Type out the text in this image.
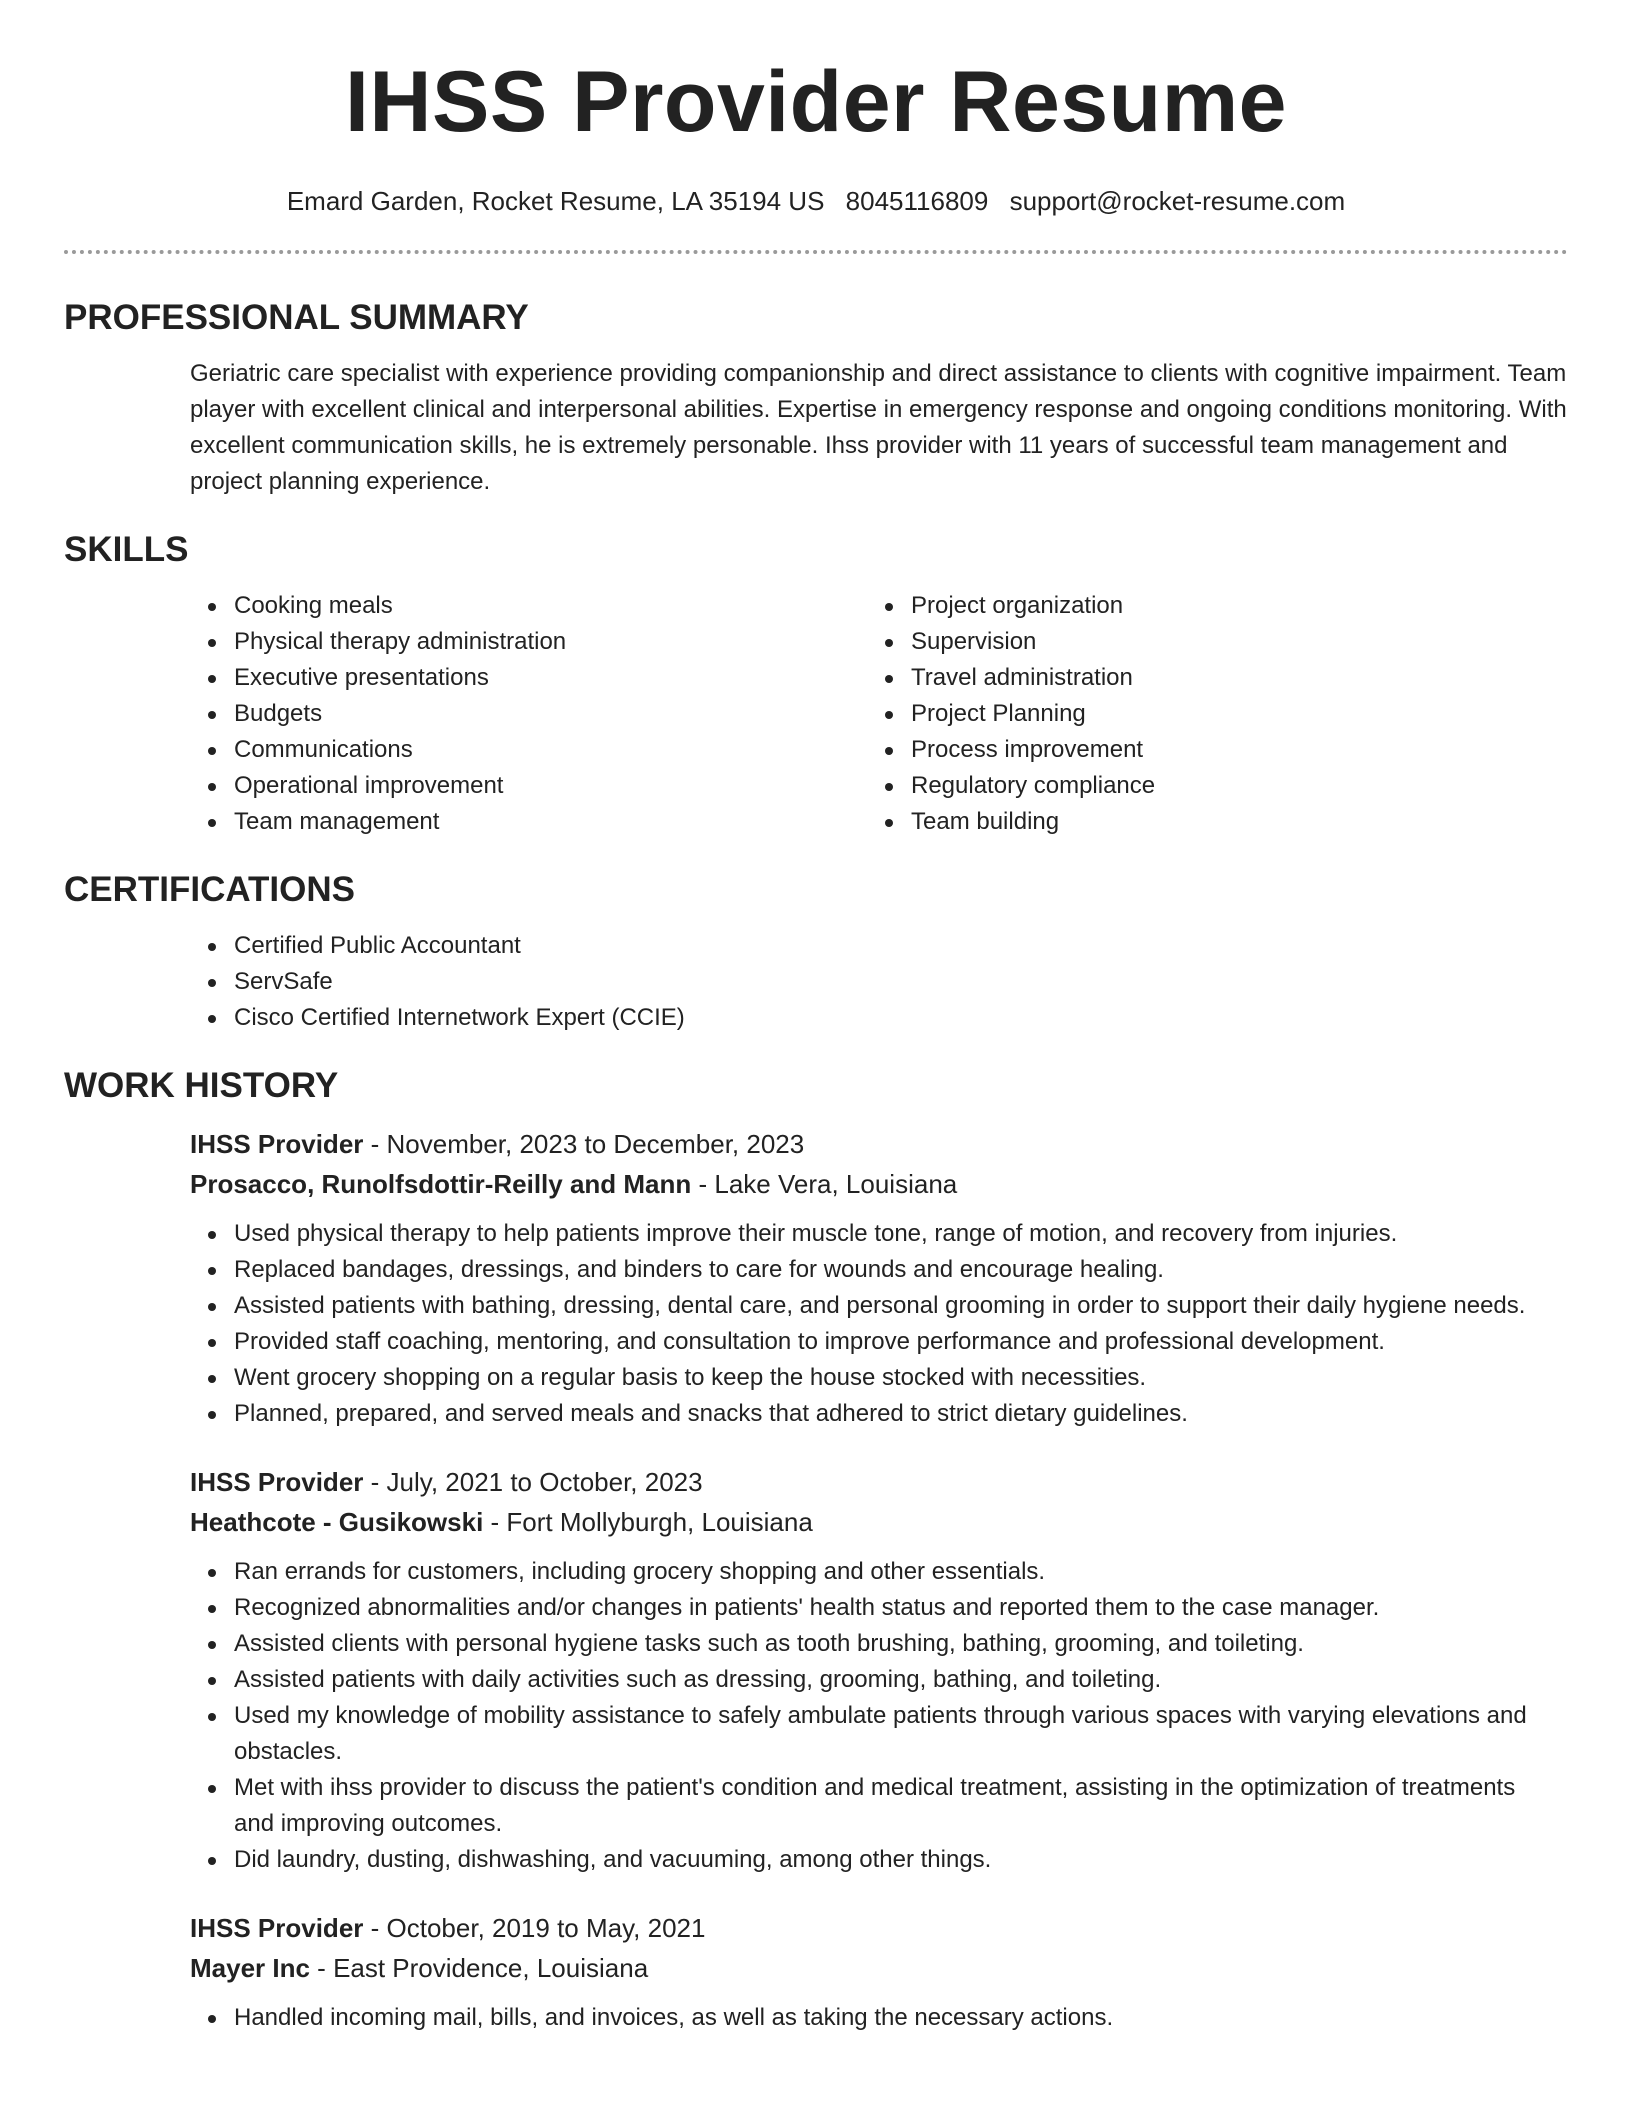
IHSS Provider Resume
Emard Garden, Rocket Resume, LA 35194 US 8045116809 support@rocket-resume.com
PROFESSIONAL SUMMARY

Geriatric care specialist with experience providing companionship and direct assistance to clients with cognitive impairment. Team player with excellent clinical and interpersonal abilities. Expertise in emergency response and ongoing conditions monitoring. With excellent communication skills, he is extremely personable. Ihss provider with 11 years of successful team management and project planning experience.

SKILLS
Cooking meals
Physical therapy administration
Executive presentations
Budgets
Communications
Operational improvement
Team management
Project organization
Supervision
Travel administration
Project Planning
Process improvement
Regulatory compliance
Team building
CERTIFICATIONS
Certified Public Accountant
ServSafe
Cisco Certified Internetwork Expert (CCIE)
WORK HISTORY
IHSS Provider - November, 2023 to December, 2023
Prosacco, Runolfsdottir-Reilly and Mann - Lake Vera, Louisiana
Used physical therapy to help patients improve their muscle tone, range of motion, and recovery from injuries.
Replaced bandages, dressings, and binders to care for wounds and encourage healing.
Assisted patients with bathing, dressing, dental care, and personal grooming in order to support their daily hygiene needs.
Provided staff coaching, mentoring, and consultation to improve performance and professional development.
Went grocery shopping on a regular basis to keep the house stocked with necessities.
Planned, prepared, and served meals and snacks that adhered to strict dietary guidelines.
IHSS Provider - July, 2021 to October, 2023
Heathcote - Gusikowski - Fort Mollyburgh, Louisiana
Ran errands for customers, including grocery shopping and other essentials.
Recognized abnormalities and/or changes in patients' health status and reported them to the case manager.
Assisted clients with personal hygiene tasks such as tooth brushing, bathing, grooming, and toileting.
Assisted patients with daily activities such as dressing, grooming, bathing, and toileting.
Used my knowledge of mobility assistance to safely ambulate patients through various spaces with varying elevations and obstacles.
Met with ihss provider to discuss the patient's condition and medical treatment, assisting in the optimization of treatments and improving outcomes.
Did laundry, dusting, dishwashing, and vacuuming, among other things.
IHSS Provider - October, 2019 to May, 2021
Mayer Inc - East Providence, Louisiana
Handled incoming mail, bills, and invoices, as well as taking the necessary actions.
